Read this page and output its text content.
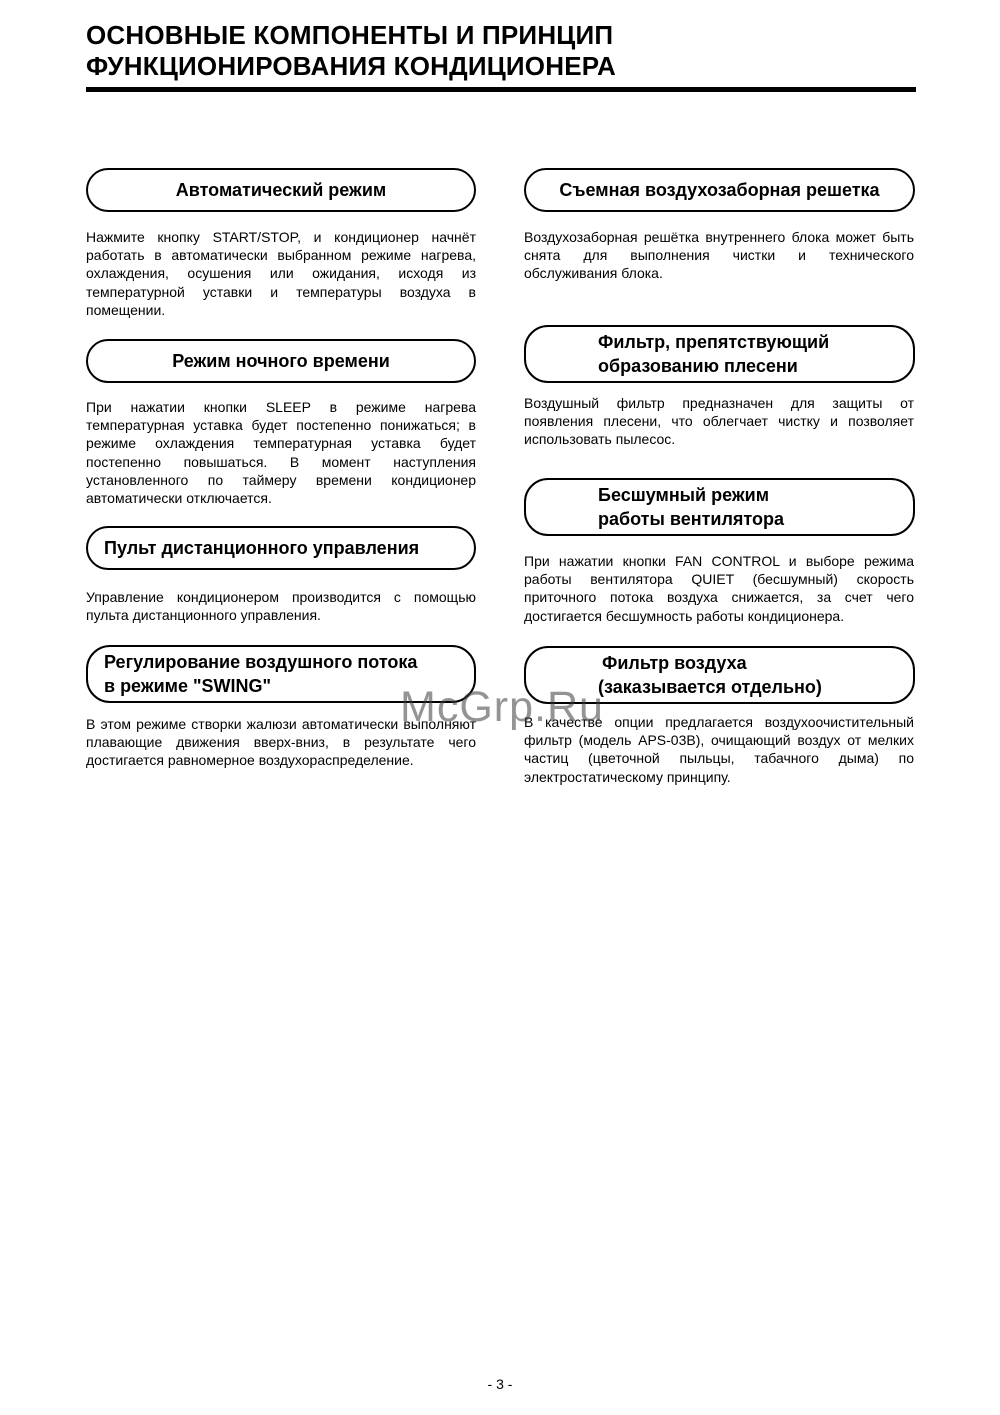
ОСНОВНЫЕ КОМПОНЕНТЫ И ПРИНЦИП
ФУНКЦИОНИРОВАНИЯ КОНДИЦИОНЕРА
Автоматический режим
Нажмите кнопку START/STOP, и кондиционер начнёт работать в автоматически выбранном режиме нагрева, охлаждения, осушения или ожидания, исходя из температурной уставки и температуры воздуха в помещении.
Режим ночного времени
При нажатии кнопки SLEEP в режиме нагрева температурная уставка будет постепенно понижаться; в режиме охлаждения температурная уставка будет постепенно повышаться. В момент наступления установленного по таймеру времени кондиционер автоматически отключается.
Пульт дистанционного управления
Управление кондиционером производится с помощью пульта дистанционного управления.
Регулирование воздушного потока
в режиме "SWING"
В этом режиме створки жалюзи автоматически выполняют плавающие движения вверх-вниз, в результате чего достигается равномерное воздухораспределение.
Съемная воздухозаборная решетка
Воздухозаборная решётка внутреннего блока может быть снята для выполнения чистки и технического обслуживания блока.
Фильтр, препятствующий
образованию плесени
Воздушный фильтр предназначен для защиты от появления плесени, что облегчает чистку и позволяет использовать пылесос.
Бесшумный режим
работы вентилятора
При нажатии кнопки FAN CONTROL и выборе режима работы вентилятора QUIET (бесшумный) скорость приточного потока воздуха снижается, за счет чего достигается бесшумность работы кондиционера.
Фильтр воздуха
(заказывается отдельно)
В качестве опции предлагается воздухоочистительный фильтр (модель APS-03B), очищающий воздух от мелких частиц (цветочной пыльцы, табачного дыма) по электростатическому принципу.
McGrp.Ru
- 3 -
